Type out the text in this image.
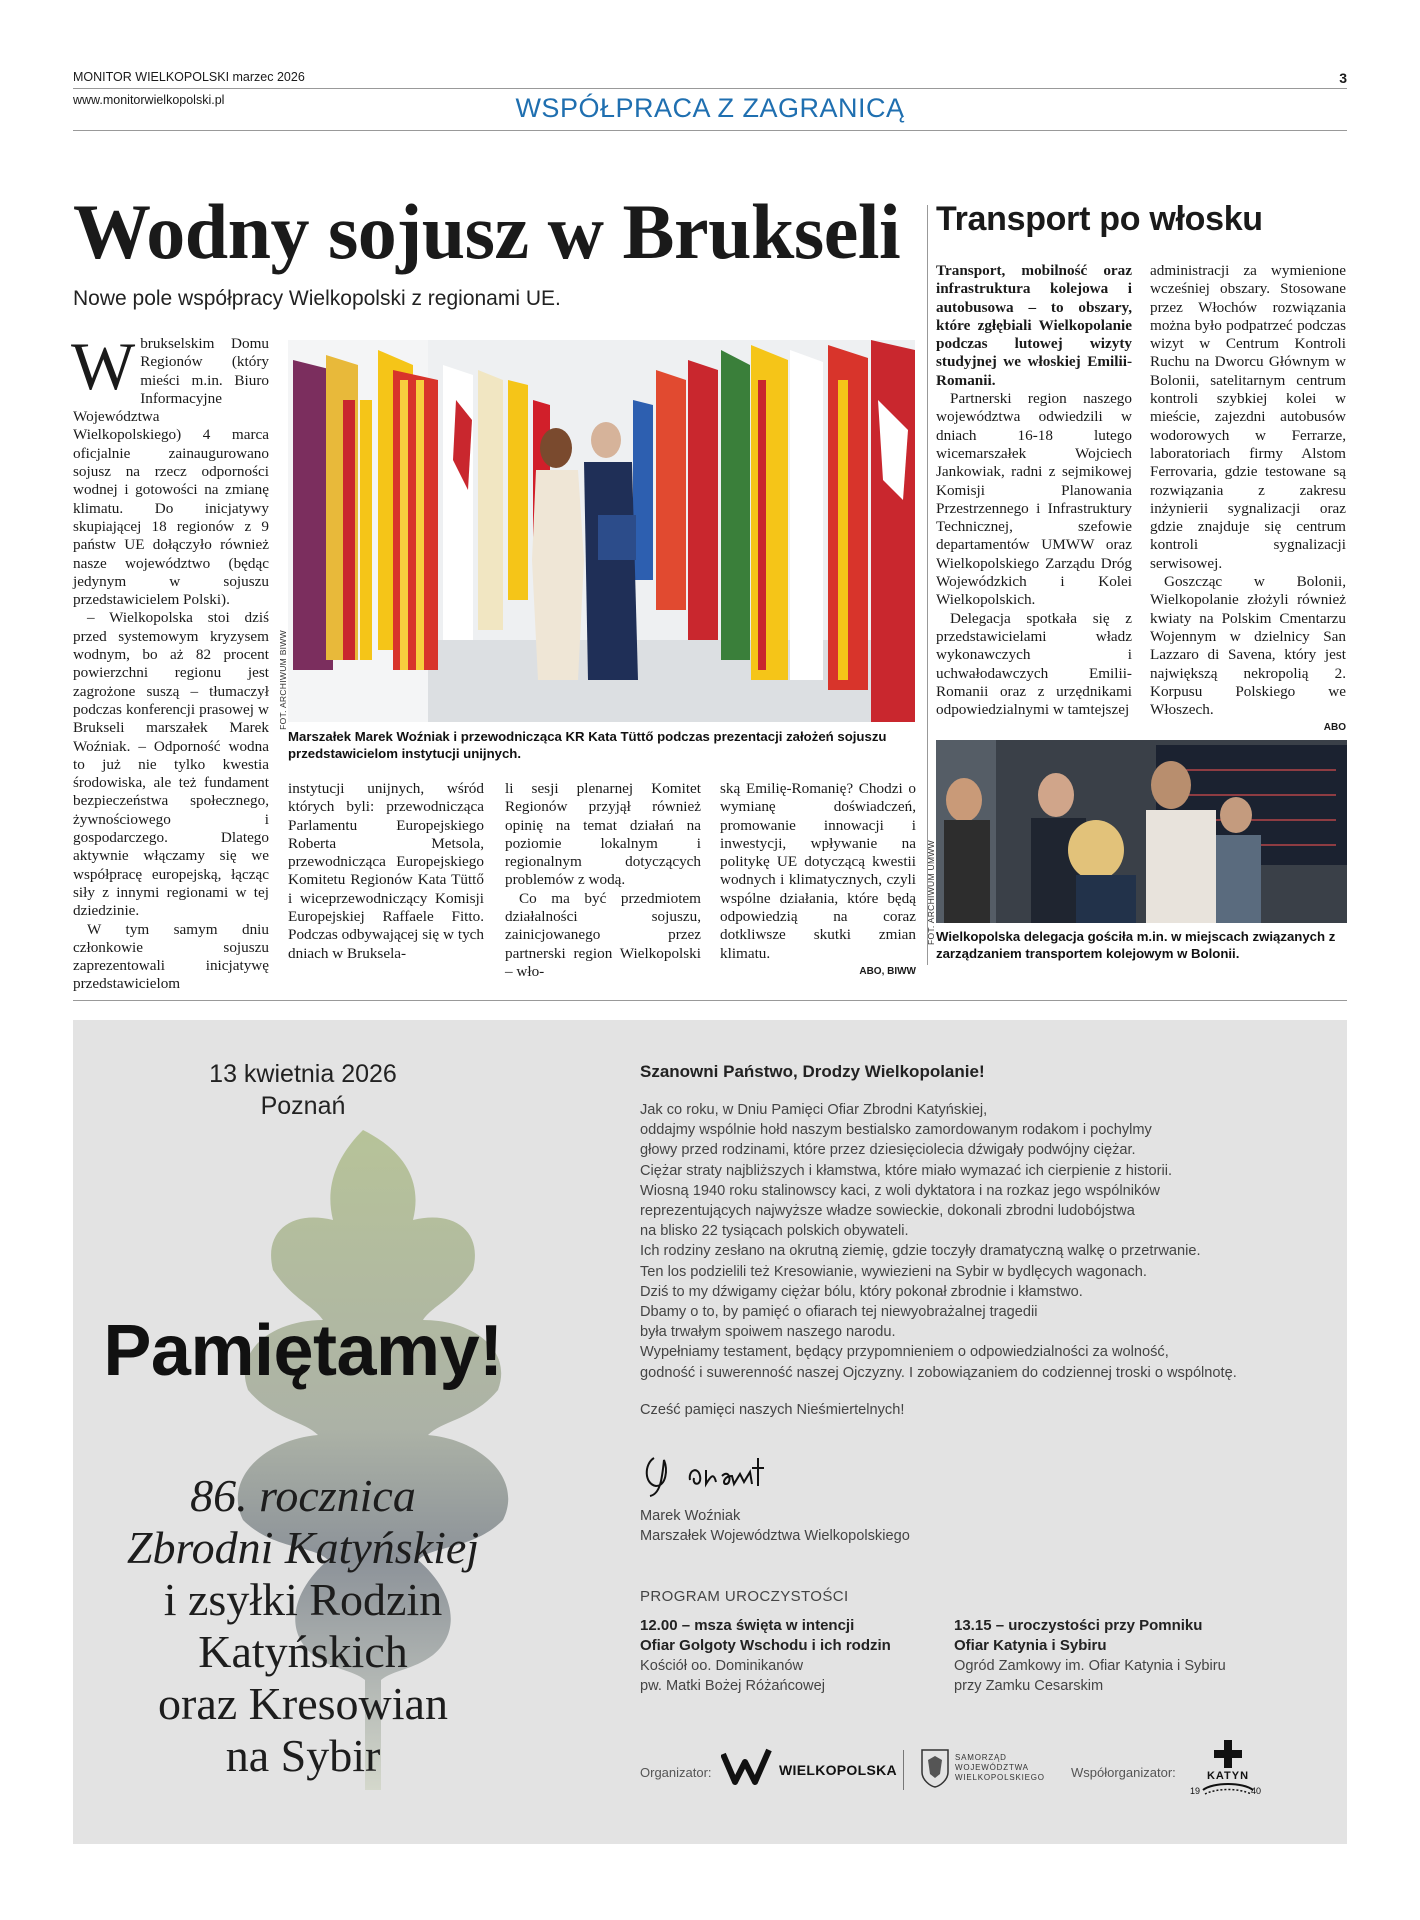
MONITOR WIELKOPOLSKI marzec 2026
www.monitorwielkopolski.pl
3
WSPÓŁPRACA Z ZAGRANICĄ
Wodny sojusz w Brukseli
Nowe pole współpracy Wielkopolski z regionami UE.
W brukselskim Domu Regionów (który mieści m.in. Biuro Informacyjne Województwa Wielkopolskiego) 4 marca oficjalnie zainaugurowano sojusz na rzecz odporności wodnej i gotowości na zmianę klimatu. Do inicjatywy skupiającej 18 regionów z 9 państw UE dołączyło również nasze województwo (będąc jedynym w sojuszu przedstawicielem Polski).

– Wielkopolska stoi dziś przed systemowym kryzysem wodnym, bo aż 82 procent powierzchni regionu jest zagrożone suszą – tłumaczył podczas konferencji prasowej w Brukseli marszałek Marek Woźniak. – Odporność wodna to już nie tylko kwestia środowiska, ale też fundament bezpieczeństwa społecznego, żywnościowego i gospodarczego. Dlatego aktywnie włączamy się we współpracę europejską, łącząc siły z innymi regionami w tej dziedzinie.

W tym samym dniu członkowie sojuszu zaprezentowali inicjatywę przedstawicielom

FOT. ARCHIWUM BIWW
Marszałek Marek Woźniak i przewodnicząca KR Kata Tüttő podczas prezentacji założeń sojuszu przedstawicielom instytucji unijnych.

instytucji unijnych, wśród których byli: przewodnicząca Parlamentu Europejskiego Roberta Metsola, przewodnicząca Europejskiego Komitetu Regionów Kata Tüttő i wiceprzewodniczący Komisji Europejskiej Raffaele Fitto. Podczas odbywającej się w tych dniach w Bruksela-

li sesji plenarnej Komitet Regionów przyjął również opinię na temat działań na poziomie lokalnym i regionalnym dotyczących problemów z wodą.

Co ma być przedmiotem działalności sojuszu, zainicjowanego przez partnerski region Wielkopolski – wło-

ską Emilię-Romanię? Chodzi o wymianę doświadczeń, promowanie innowacji i inwestycji, wpływanie na politykę UE dotyczącą kwestii wodnych i klimatycznych, czyli wspólne działania, które będą odpowiedzią na coraz dotkliwsze skutki zmian klimatu.

ABO, BIWW
Transport po włosku

Transport, mobilność oraz infrastruktura kolejowa i autobusowa – to obszary, które zgłębiali Wielkopolanie podczas lutowej wizyty studyjnej we włoskiej Emilii-Romanii.

Partnerski region naszego województwa odwiedzili w dniach 16-18 lutego wicemarszałek Wojciech Jankowiak, radni z sejmikowej Komisji Planowania Przestrzennego i Infrastruktury Technicznej, szefowie departamentów UMWW oraz Wielkopolskiego Zarządu Dróg Wojewódzkich i Kolei Wielkopolskich.

Delegacja spotkała się z przedstawicielami władz wykonawczych i uchwałodawczych Emilii-Romanii oraz z urzędnikami odpowiedzialnymi w tamtejszej

administracji za wymienione wcześniej obszary. Stosowane przez Włochów rozwiązania można było podpatrzeć podczas wizyt w Centrum Kontroli Ruchu na Dworcu Głównym w Bolonii, satelitarnym centrum kontroli szybkiej kolei w mieście, zajezdni autobusów wodorowych w Ferrarze, laboratoriach firmy Alstom Ferrovaria, gdzie testowane są rozwiązania z zakresu inżynierii sygnalizacji oraz gdzie znajduje się centrum kontroli sygnalizacji serwisowej.

Goszcząc w Bolonii, Wielkopolanie złożyli również kwiaty na Polskim Cmentarzu Wojennym w dzielnicy San Lazzaro di Savena, który jest największą nekropolią 2. Korpusu Polskiego we Włoszech.

ABO
FOT. ARCHIWUM UMWW Wielkopolska delegacja gościła m.in. w miejscach związanych z zarządzaniem transportem kolejowym w Bolonii.
13 kwietnia 2026
Poznań
Pamiętamy!
86. rocznica
Zbrodni Katyńskiej
i zsyłki Rodzin
Katyńskich
oraz Kresowian
na Sybir
Szanowni Państwo, Drodzy Wielkopolanie!
Jak co roku, w Dniu Pamięci Ofiar Zbrodni Katyńskiej,
oddajmy wspólnie hołd naszym bestialsko zamordowanym rodakom i pochylmy
głowy przed rodzinami, które przez dziesięciolecia dźwigały podwójny ciężar.
Ciężar straty najbliższych i kłamstwa, które miało wymazać ich cierpienie z historii.
Wiosną 1940 roku stalinowscy kaci, z woli dyktatora i na rozkaz jego wspólników
reprezentujących najwyższe władze sowieckie, dokonali zbrodni ludobójstwa
na blisko 22 tysiącach polskich obywateli.
Ich rodziny zesłano na okrutną ziemię, gdzie toczyły dramatyczną walkę o przetrwanie.
Ten los podzielili też Kresowianie, wywiezieni na Sybir w bydlęcych wagonach.
Dziś to my dźwigamy ciężar bólu, który pokonał zbrodnie i kłamstwo.
Dbamy o to, by pamięć o ofiarach tej niewyobrażalnej tragedii
była trwałym spoiwem naszego narodu.
Wypełniamy testament, będący przypomnieniem o odpowiedzialności za wolność,
godność i suwerenność naszej Ojczyzny. I zobowiązaniem do codziennej troski o wspólnotę.
Cześć pamięci naszych Nieśmiertelnych!
Marek Woźniak
Marszałek Województwa Wielkopolskiego
PROGRAM UROCZYSTOŚCI
12.00 – msza święta w intencji
Ofiar Golgoty Wschodu i ich rodzin
Kościół oo. Dominikanów
pw. Matki Bożej Różańcowej
13.15 – uroczystości przy Pomniku
Ofiar Katynia i Sybiru
Ogród Zamkowy im. Ofiar Katynia i Sybiru
przy Zamku Cesarskim
Organizator:	WIELKOPOLSKA
SAMORZĄD
WOJEWÓDZTWA
WIELKOPOLSKIEGO Współorganizator:	KATYN
19	40
